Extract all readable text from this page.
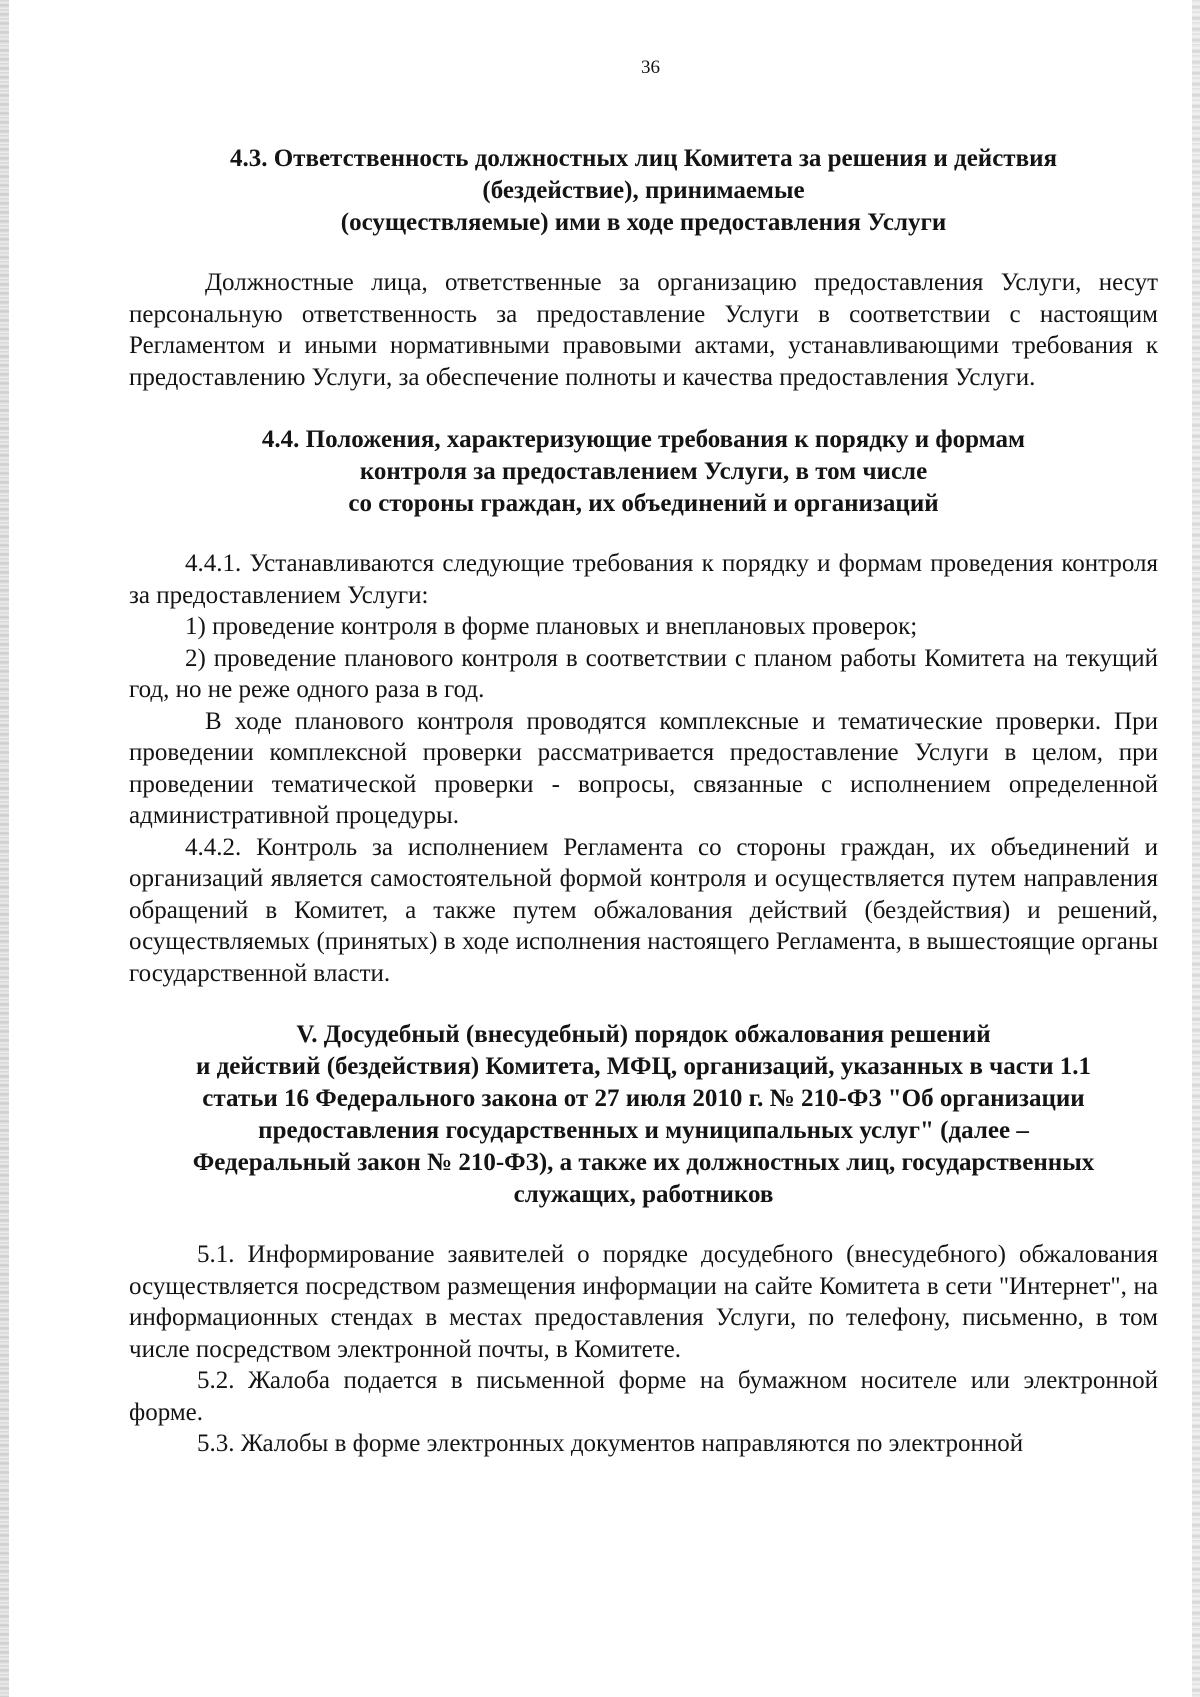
36
4.3. Ответственность должностных лиц Комитета за решения и действия
(бездействие), принимаемые
(осуществляемые) ими в ходе предоставления Услуги

Должностные лица, ответственные за организацию предоставления Услуги, несут персональную ответственность за предоставление Услуги в соответствии с настоящим Регламентом и иными нормативными правовыми актами, устанавливающими требования к предоставлению Услуги, за обеспечение полноты и качества предоставления Услуги.

4.4. Положения, характеризующие требования к порядку и формам
контроля за предоставлением Услуги, в том числе
со стороны граждан, их объединений и организаций

4.4.1. Устанавливаются следующие требования к порядку и формам проведения контроля за предоставлением Услуги:

1) проведение контроля в форме плановых и внеплановых проверок;

2) проведение планового контроля в соответствии с планом работы Комитета на текущий год, но не реже одного раза в год.

В ходе планового контроля проводятся комплексные и тематические проверки. При проведении комплексной проверки рассматривается предоставление Услуги в целом, при проведении тематической проверки - вопросы, связанные с исполнением определенной административной процедуры.

4.4.2. Контроль за исполнением Регламента со стороны граждан, их объединений и организаций является самостоятельной формой контроля и осуществляется путем направления обращений в Комитет, а также путем обжалования действий (бездействия) и решений, осуществляемых (принятых) в ходе исполнения настоящего Регламента, в вышестоящие органы государственной власти.

V. Досудебный (внесудебный) порядок обжалования решений
и действий (бездействия) Комитета, МФЦ, организаций, указанных в части 1.1
статьи 16 Федерального закона от 27 июля 2010 г. № 210-ФЗ "Об организации
предоставления государственных и муниципальных услуг" (далее –
Федеральный закон № 210-ФЗ), а также их должностных лиц, государственных
служащих, работников

5.1. Информирование заявителей о порядке досудебного (внесудебного) обжалования осуществляется посредством размещения информации на сайте Комитета в сети "Интернет", на информационных стендах в местах предоставления Услуги, по телефону, письменно, в том числе посредством электронной почты, в Комитете.

5.2. Жалоба подается в письменной форме на бумажном носителе или электронной форме.

5.3. Жалобы в форме электронных документов направляются по электронной
